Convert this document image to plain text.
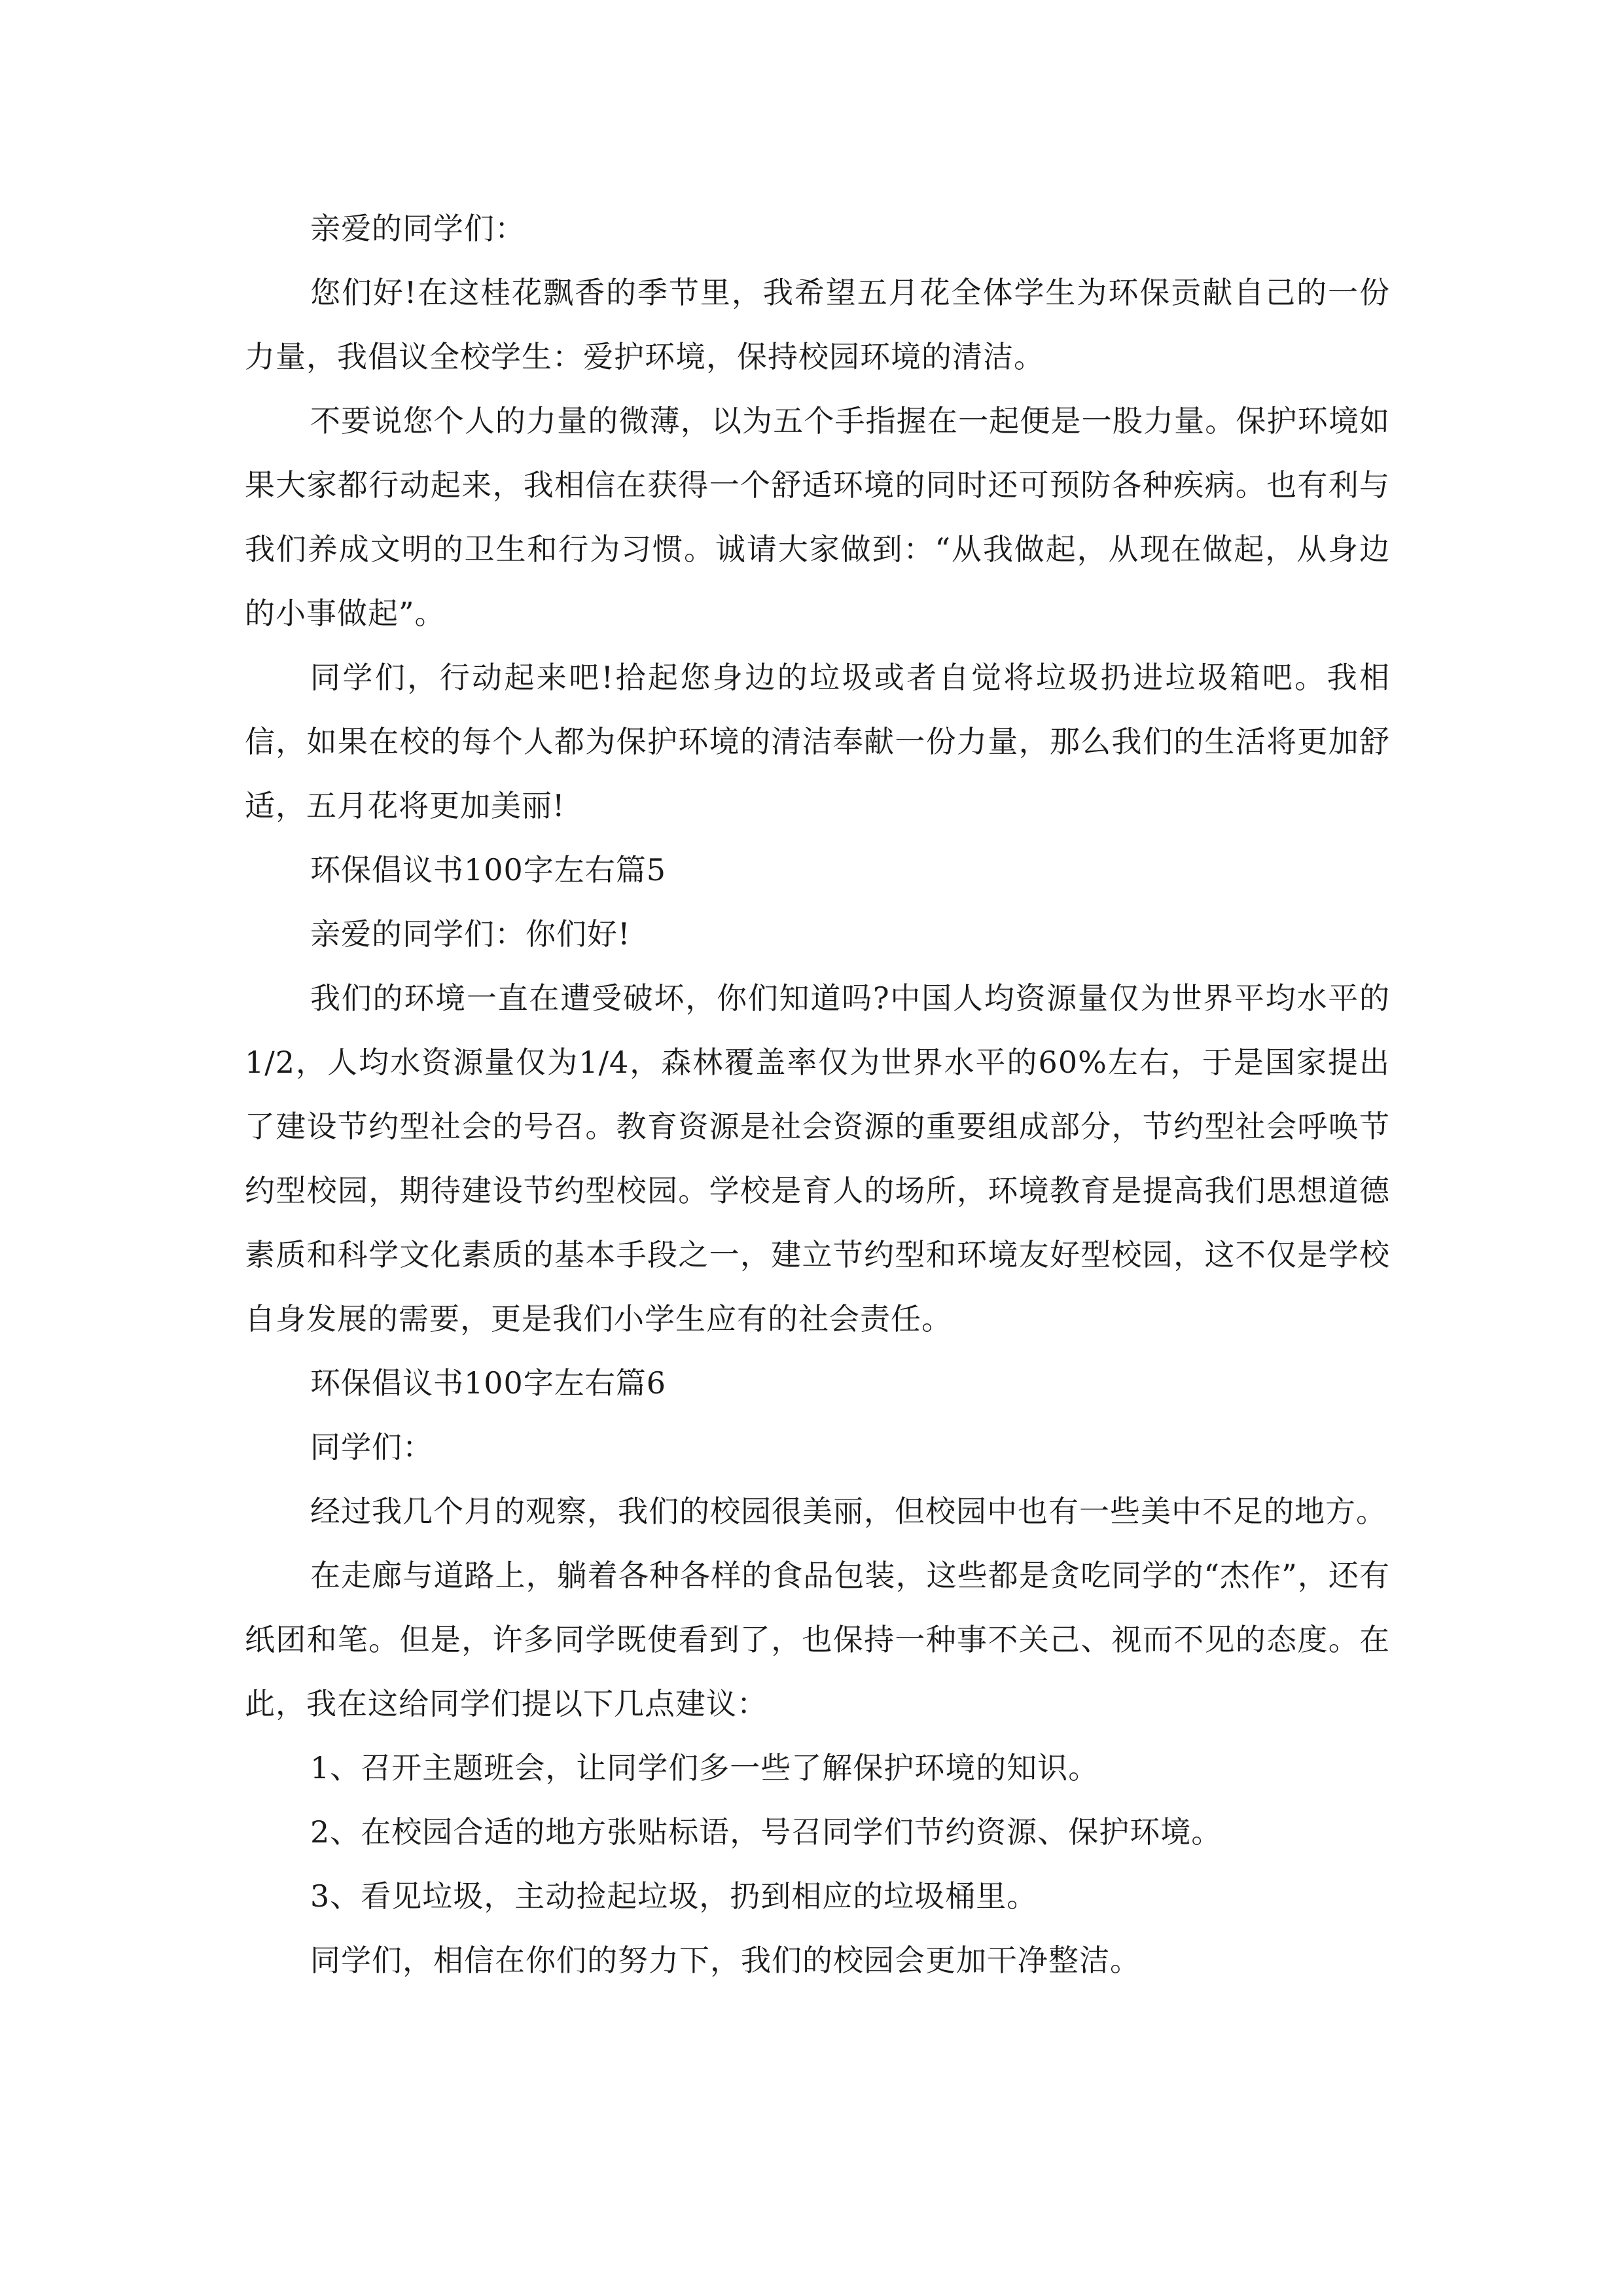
亲爱的同学们：

您们好!在这桂花飘香的季节里，我希望五月花全体学生为环保贡献自己的一份力量，我倡议全校学生：爱护环境，保持校园环境的清洁。

不要说您个人的力量的微薄，以为五个手指握在一起便是一股力量。保护环境如果大家都行动起来，我相信在获得一个舒适环境的同时还可预防各种疾病。也有利与我们养成文明的卫生和行为习惯。诚请大家做到：“从我做起，从现在做起，从身边的小事做起”。

同学们，行动起来吧!拾起您身边的垃圾或者自觉将垃圾扔进垃圾箱吧。我相信，如果在校的每个人都为保护环境的清洁奉献一份力量，那么我们的生活将更加舒适，五月花将更加美丽!

环保倡议书100字左右篇5

亲爱的同学们：你们好!

我们的环境一直在遭受破坏，你们知道吗?中国人均资源量仅为世界平均水平的1/2，人均水资源量仅为1/4，森林覆盖率仅为世界水平的60%左右，于是国家提出了建设节约型社会的号召。教育资源是社会资源的重要组成部分，节约型社会呼唤节约型校园，期待建设节约型校园。学校是育人的场所，环境教育是提高我们思想道德素质和科学文化素质的基本手段之一，建立节约型和环境友好型校园，这不仅是学校自身发展的需要，更是我们小学生应有的社会责任。

环保倡议书100字左右篇6

同学们：

经过我几个月的观察，我们的校园很美丽，但校园中也有一些美中不足的地方。

在走廊与道路上，躺着各种各样的食品包装，这些都是贪吃同学的“杰作”，还有纸团和笔。但是，许多同学既使看到了，也保持一种事不关己、视而不见的态度。在此，我在这给同学们提以下几点建议：

1、召开主题班会，让同学们多一些了解保护环境的知识。

2、在校园合适的地方张贴标语，号召同学们节约资源、保护环境。

3、看见垃圾，主动捡起垃圾，扔到相应的垃圾桶里。

同学们，相信在你们的努力下，我们的校园会更加干净整洁。
